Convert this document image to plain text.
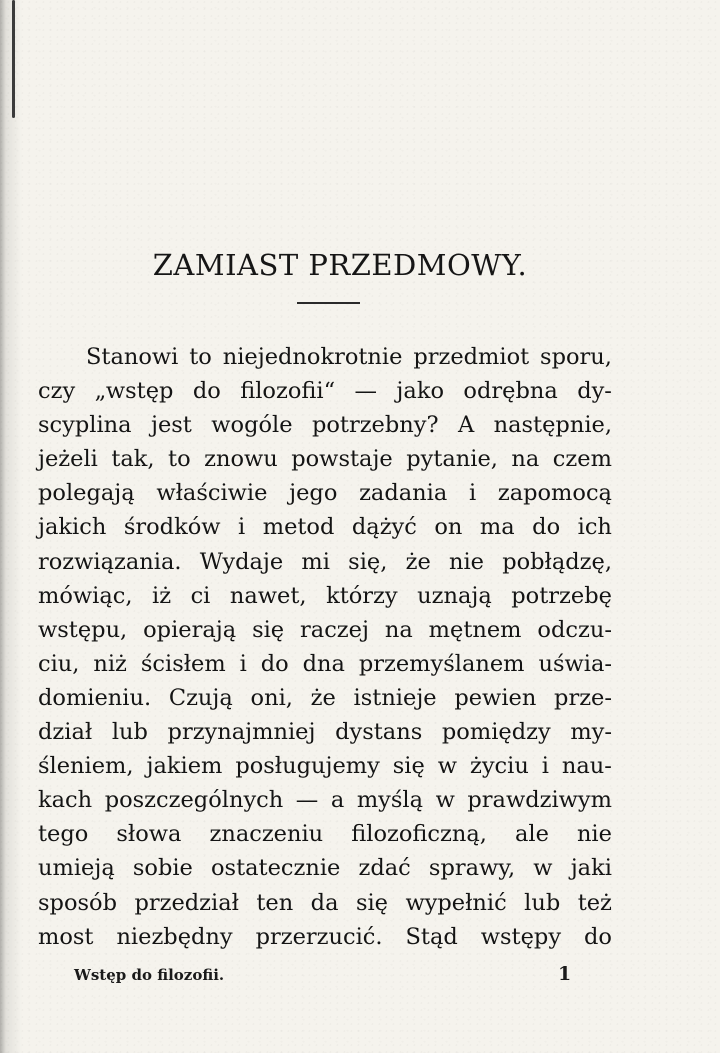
ZAMIAST PRZEDMOWY.
Stanowi to niejednokrotnie przedmiot sporu,
czy „wstęp do filozofii“ — jako odrębna dy-
scyplina jest wogóle potrzebny? A następnie,
jeżeli tak, to znowu powstaje pytanie, na czem
polegają właściwie jego zadania i zapomocą
jakich środków i metod dążyć on ma do ich
rozwiązania. Wydaje mi się, że nie pobłądzę,
mówiąc, iż ci nawet, którzy uznają potrzebę
wstępu, opierają się raczej na mętnem odczu-
ciu, niż ścisłem i do dna przemyślanem uświa-
domieniu. Czują oni, że istnieje pewien prze-
dział lub przynajmniej dystans pomiędzy my-
śleniem, jakiem posługujemy się w życiu i nau-
kach poszczególnych — a myślą w prawdziwym
tego słowa znaczeniu filozoficzną, ale nie
umieją sobie ostatecznie zdać sprawy, w jaki
sposób przedział ten da się wypełnić lub też
most niezbędny przerzucić. Stąd wstępy do
Wstęp do filozofii.	1
